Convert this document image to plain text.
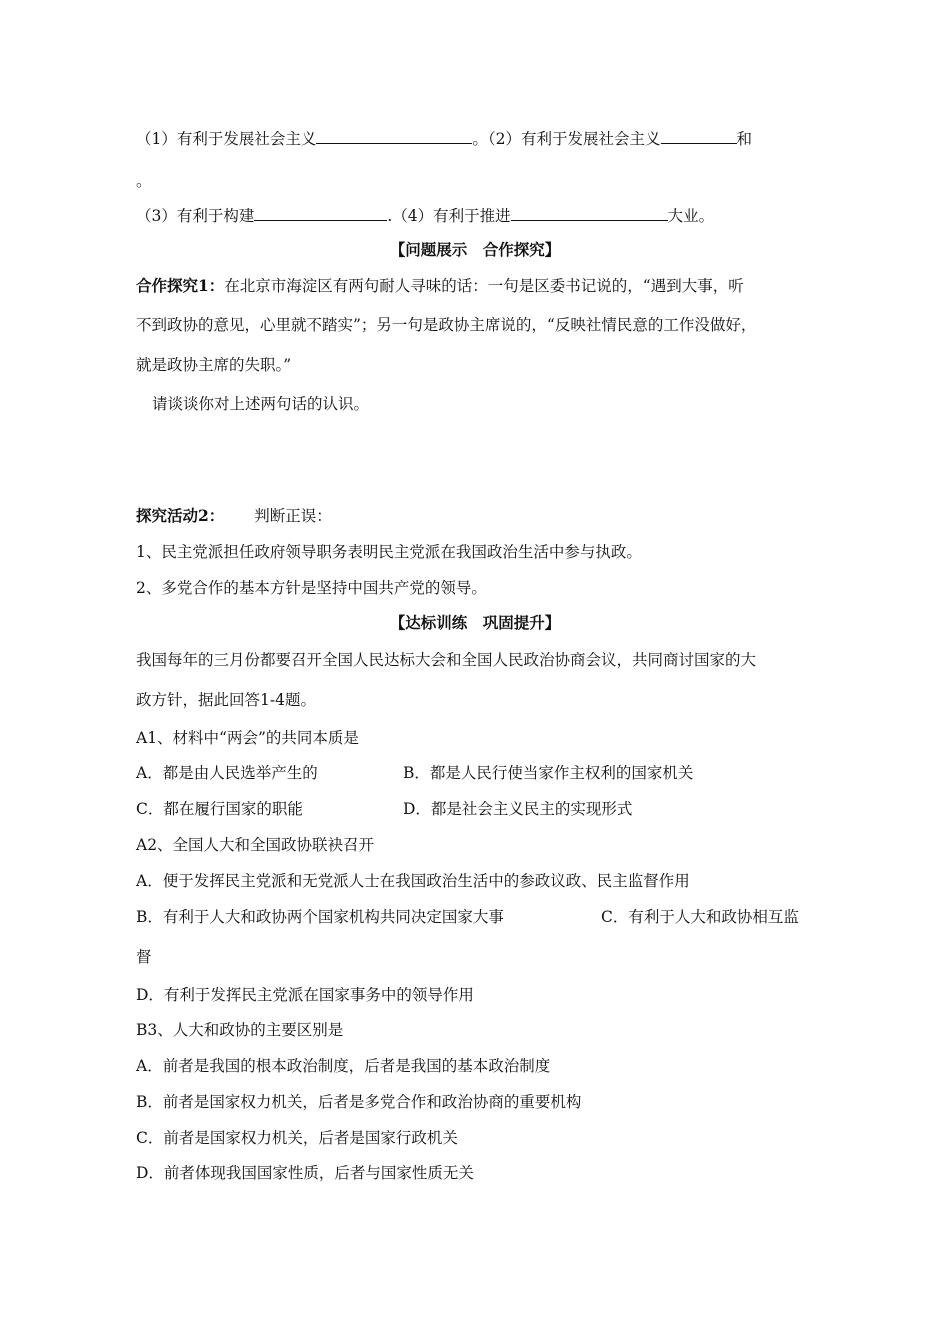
（1）有利于发展社会主义	。（2）有利于发展社会主义	和
。
（3）有利于构建	.（4）有利于推进	大业。
【问题展示　合作探究】
合作探究1：在北京市海淀区有两句耐人寻味的话：一句是区委书记说的，“遇到大事，听
不到政协的意见，心里就不踏实”；另一句是政协主席说的，“反映社情民意的工作没做好，
就是政协主席的失职。”
请谈谈你对上述两句话的认识。
探究活动2： 判断正误：
1、民主党派担任政府领导职务表明民主党派在我国政治生活中参与执政。
2、多党合作的基本方针是坚持中国共产党的领导。
【达标训练　巩固提升】
我国每年的三月份都要召开全国人民达标大会和全国人民政治协商会议，共同商讨国家的大
政方针，据此回答1-4题。
A1、材料中“两会”的共同本质是
A．都是由人民选举产生的	B．都是人民行使当家作主权利的国家机关
C．都在履行国家的职能	D．都是社会主义民主的实现形式
A2、全国人大和全国政协联袂召开
A．便于发挥民主党派和无党派人士在我国政治生活中的参政议政、民主监督作用
B．有利于人大和政协两个国家机构共同决定国家大事	C．有利于人大和政协相互监
督
D．有利于发挥民主党派在国家事务中的领导作用
B3、人大和政协的主要区别是
A．前者是我国的根本政治制度，后者是我国的基本政治制度
B．前者是国家权力机关，后者是多党合作和政治协商的重要机构
C．前者是国家权力机关，后者是国家行政机关
D．前者体现我国国家性质，后者与国家性质无关
